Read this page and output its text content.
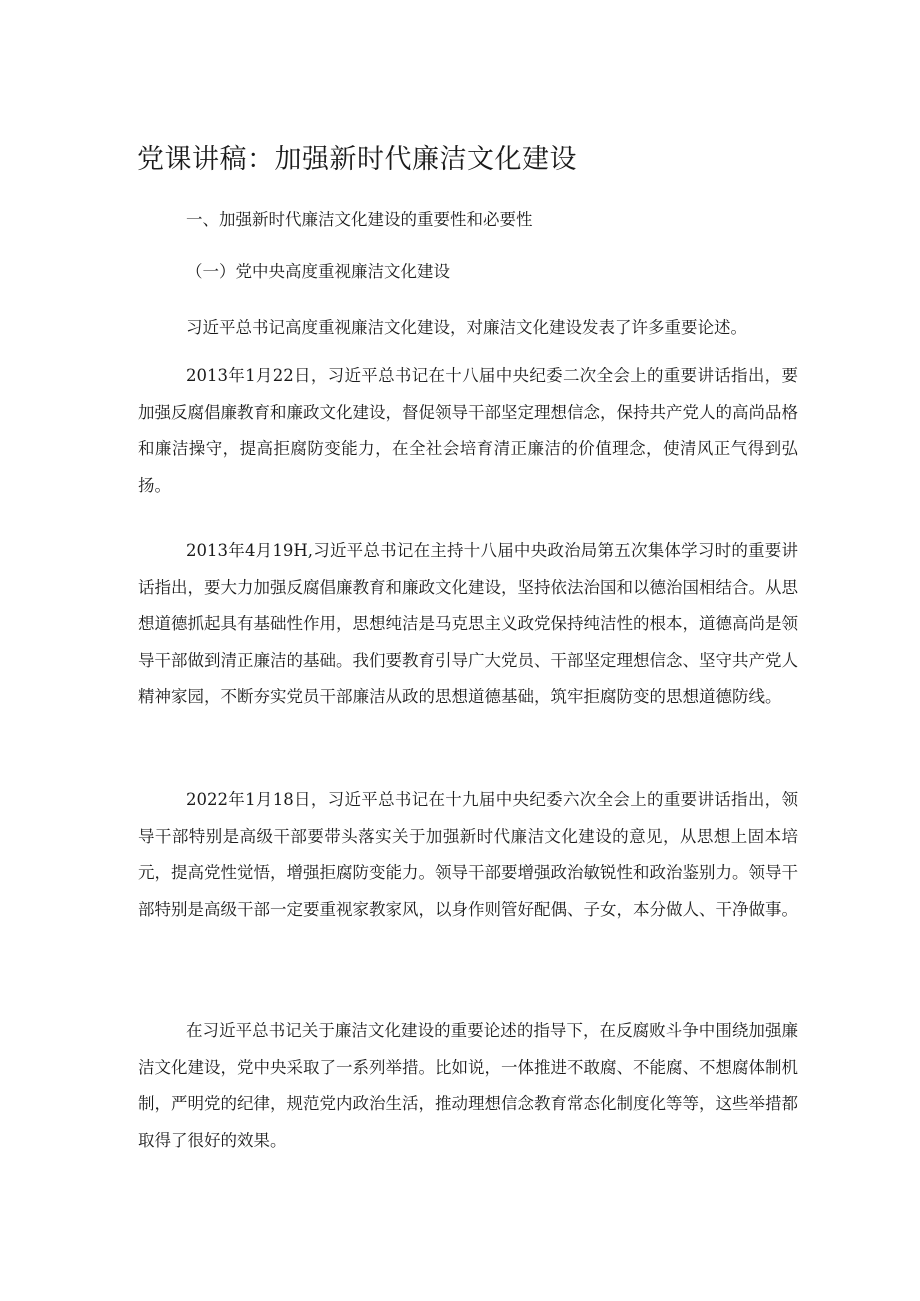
党课讲稿：加强新时代廉洁文化建设
一、加强新时代廉洁文化建设的重要性和必要性
（一）党中央高度重视廉洁文化建设

习近平总书记高度重视廉洁文化建设，对廉洁文化建设发表了许多重要论述。

2013年1月22日，习近平总书记在十八届中央纪委二次全会上的重要讲话指出，要加强反腐倡廉教育和廉政文化建设，督促领导干部坚定理想信念，保持共产党人的高尚品格和廉洁操守，提高拒腐防变能力，在全社会培育清正廉洁的价值理念，使清风正气得到弘扬。

2013年4月19H,习近平总书记在主持十八届中央政治局第五次集体学习时的重要讲话指出，要大力加强反腐倡廉教育和廉政文化建设，坚持依法治国和以德治国相结合。从思想道德抓起具有基础性作用，思想纯洁是马克思主义政党保持纯洁性的根本，道德高尚是领导干部做到清正廉洁的基础。我们要教育引导广大党员、干部坚定理想信念、坚守共产党人精神家园，不断夯实党员干部廉洁从政的思想道德基础，筑牢拒腐防变的思想道德防线。

2022年1月18日，习近平总书记在十九届中央纪委六次全会上的重要讲话指出，领导干部特别是高级干部要带头落实关于加强新时代廉洁文化建设的意见，从思想上固本培元，提高党性觉悟，增强拒腐防变能力。领导干部要增强政治敏锐性和政治鉴别力。领导干部特别是高级干部一定要重视家教家风，以身作则管好配偶、子女，本分做人、干净做事。

在习近平总书记关于廉洁文化建设的重要论述的指导下，在反腐败斗争中围绕加强廉洁文化建设，党中央采取了一系列举措。比如说，一体推进不敢腐、不能腐、不想腐体制机制，严明党的纪律，规范党内政治生活，推动理想信念教育常态化制度化等等，这些举措都取得了很好的效果。
